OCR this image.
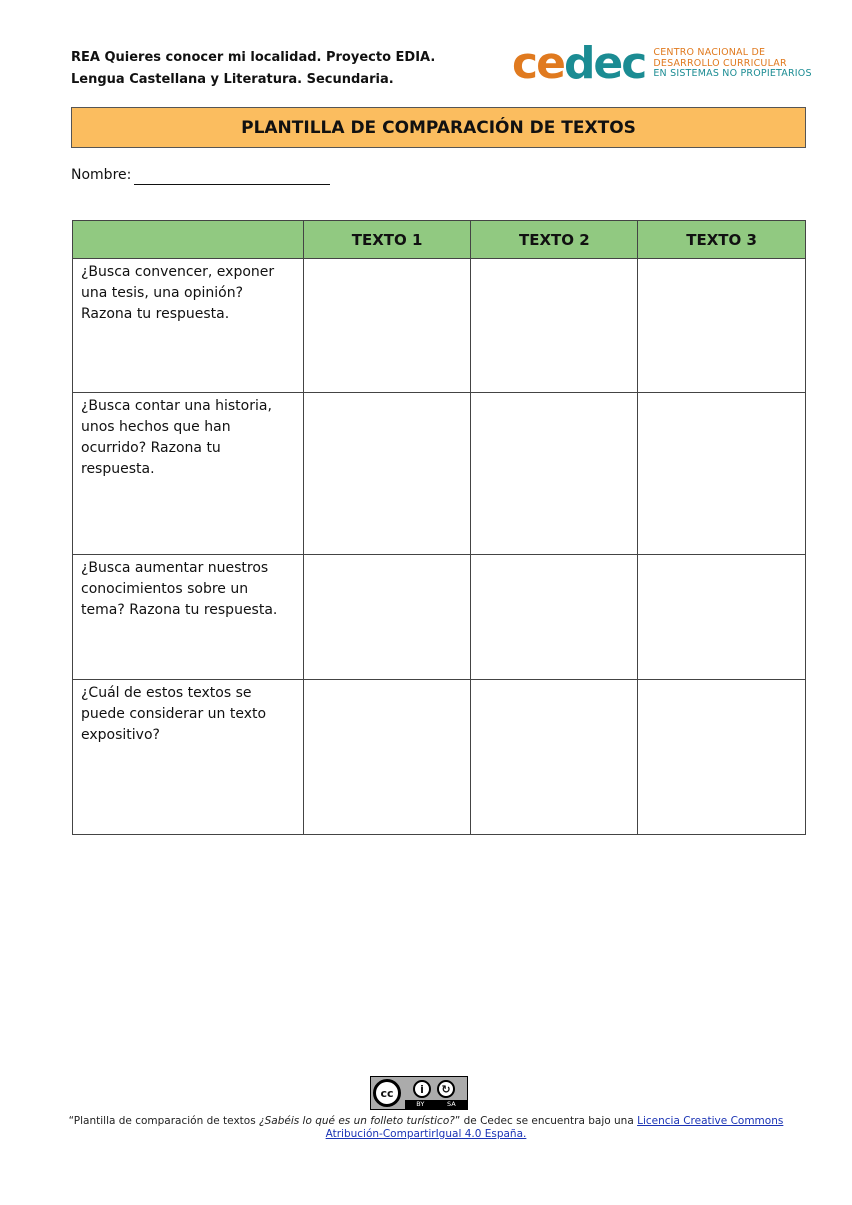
REA Quieres conocer mi localidad. Proyecto EDIA.
Lengua Castellana y Literatura. Secundaria.	cedec CENTRO NACIONAL DE
DESARROLLO CURRICULAR
EN SISTEMAS NO PROPIETARIOS
PLANTILLA DE COMPARACIÓN DE TEXTOS
Nombre:
	TEXTO 1	TEXTO 2	TEXTO 3
¿Busca convencer, exponer una tesis, una opinión? Razona tu respuesta.			
¿Busca contar una historia, unos hechos que han ocurrido? Razona tu respuesta.			
¿Busca aumentar nuestros conocimientos sobre un tema? Razona tu respuesta.			
¿Cuál de estos textos se puede considerar un texto expositivo?			
cc	i	↻
BY	SA
“Plantilla de comparación de textos ¿Sabéis lo qué es un folleto turístico?” de Cedec se encuentra bajo una Licencia Creative Commons Atribución-CompartirIgual 4.0 España.
